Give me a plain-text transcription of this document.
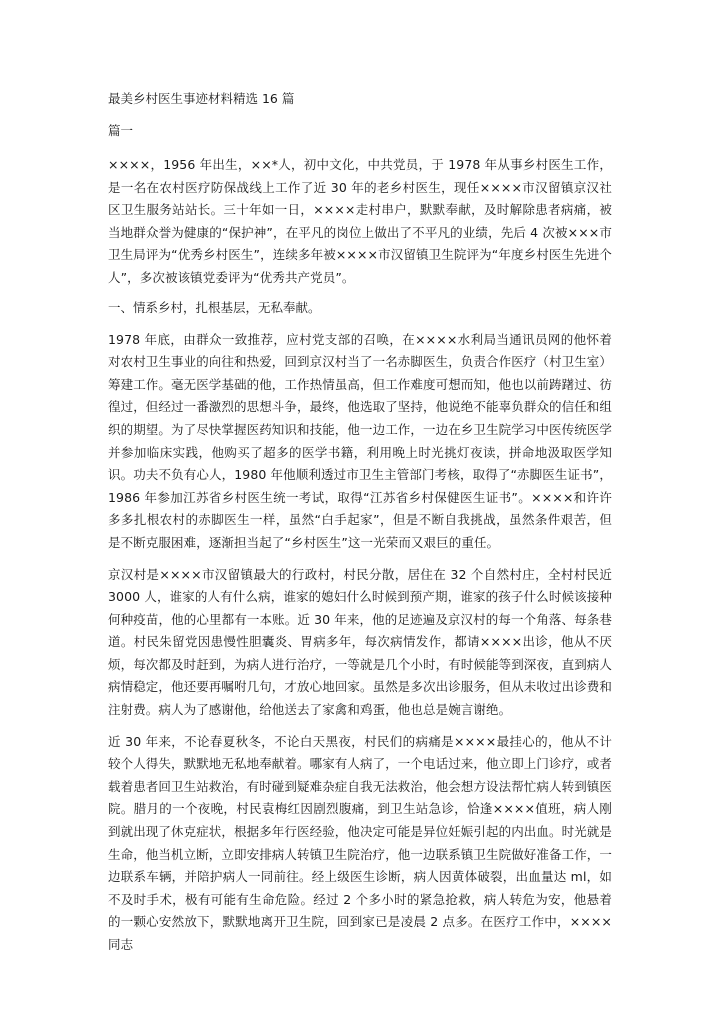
最美乡村医生事迹材料精选 16 篇
篇一

××××，1956 年出生，××*人，初中文化，中共党员，于 1978 年从事乡村医生工作，是一名在农村医疗防保战线上工作了近 30 年的老乡村医生，现任××××市汉留镇京汉社区卫生服务站站长。三十年如一日，××××走村串户，默默奉献，及时解除患者病痛，被当地群众誉为健康的“保护神”，在平凡的岗位上做出了不平凡的业绩，先后 4 次被×××市卫生局评为“优秀乡村医生”，连续多年被××××市汉留镇卫生院评为“年度乡村医生先进个人”，多次被该镇党委评为“优秀共产党员”。

一、情系乡村，扎根基层，无私奉献。

1978 年底，由群众一致推荐，应村党支部的召唤，在××××水利局当通讯员网的他怀着对农村卫生事业的向往和热爱，回到京汉村当了一名赤脚医生，负责合作医疗（村卫生室）筹建工作。毫无医学基础的他，工作热情虽高，但工作难度可想而知，他也以前踌躇过、彷徨过，但经过一番激烈的思想斗争，最终，他选取了坚持，他说绝不能辜负群众的信任和组织的期望。为了尽快掌握医药知识和技能，他一边工作，一边在乡卫生院学习中医传统医学并参加临床实践，他购买了超多的医学书籍，利用晚上时光挑灯夜读，拼命地汲取医学知识。功夫不负有心人，1980 年他顺利透过市卫生主管部门考核，取得了“赤脚医生证书”，1986 年参加江苏省乡村医生统一考试，取得“江苏省乡村保健医生证书”。××××和许许多多扎根农村的赤脚医生一样，虽然“白手起家”，但是不断自我挑战，虽然条件艰苦，但是不断克服困难，逐渐担当起了“乡村医生”这一光荣而又艰巨的重任。

京汉村是××××市汉留镇最大的行政村，村民分散，居住在 32 个自然村庄，全村村民近 3000 人，谁家的人有什么病，谁家的媳妇什么时候到预产期，谁家的孩子什么时候该接种何种疫苗，他的心里都有一本账。近 30 年来，他的足迹遍及京汉村的每一个角落、每条巷道。村民朱留党因患慢性胆囊炎、胃病多年，每次病情发作，都请××××出诊，他从不厌烦，每次都及时赶到，为病人进行治疗，一等就是几个小时，有时候能等到深夜，直到病人病情稳定，他还要再嘱咐几句，才放心地回家。虽然是多次出诊服务，但从未收过出诊费和注射费。病人为了感谢他，给他送去了家禽和鸡蛋，他也总是婉言谢绝。

近 30 年来，不论春夏秋冬，不论白天黑夜，村民们的病痛是××××最挂心的，他从不计较个人得失，默默地无私地奉献着。哪家有人病了，一个电话过来，他立即上门诊疗，或者载着患者回卫生站救治，有时碰到疑难杂症自我无法救治，他会想方设法帮忙病人转到镇医院。腊月的一个夜晚，村民袁梅红因剧烈腹痛，到卫生站急诊，恰逢××××值班，病人刚到就出现了休克症状，根据多年行医经验，他决定可能是异位妊娠引起的内出血。时光就是生命，他当机立断，立即安排病人转镇卫生院治疗，他一边联系镇卫生院做好准备工作，一边联系车辆，并陪护病人一同前往。经上级医生诊断，病人因黄体破裂，出血量达 ml，如不及时手术，极有可能有生命危险。经过 2 个多小时的紧急抢救，病人转危为安，他悬着的一颗心安然放下，默默地离开卫生院，回到家已是凌晨 2 点多。在医疗工作中，××××同志
